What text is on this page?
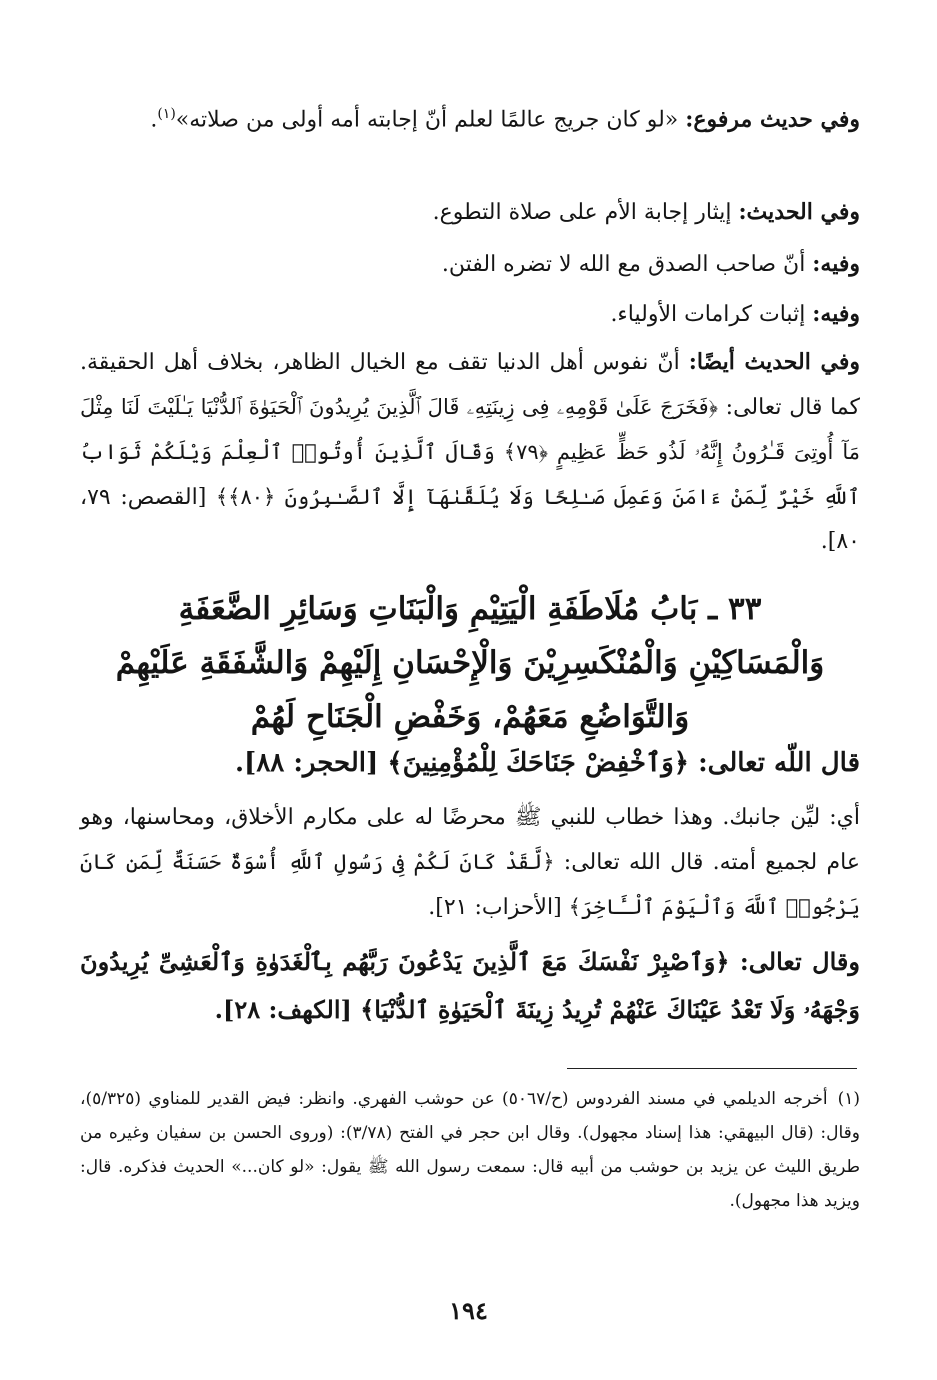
وفي حديث مرفوع: «لو كان جريج عالمًا لعلم أنّ إجابته أمه أولى من صلاته»$^{(١)}$.

وفي الحديث: إيثار إجابة الأم على صلاة التطوع.

وفيه: أنّ صاحب الصدق مع الله لا تضره الفتن.

وفيه: إثبات كرامات الأولياء.

وفي الحديث أيضًا: أنّ نفوس أهل الدنيا تقف مع الخيال الظاهر، بخلاف أهل الحقيقة. كما قال تعالى: ﴿فَخَرَجَ عَلَىٰ قَوْمِهِۦ فِى زِينَتِهِۦ قَالَ ٱلَّذِينَ يُرِيدُونَ ٱلْحَيَوٰةَ ٱلدُّنْيَا يَـٰلَيْتَ لَنَا مِثْلَ مَآ أُوتِىَ قَـٰرُونُ إِنَّهُۥ لَذُو حَظٍّ عَظِيمٍ ﴿٧٩﴾ وَقَالَ ٱلَّذِينَ أُوتُوا۟ ٱلْعِلْمَ وَيْلَكُمْ ثَوَابُ ٱللَّهِ خَيْرٌ لِّمَنْ ءَامَنَ وَعَمِلَ صَـٰلِحًا وَلَا يُلَقَّىٰهَآ إِلَّا ٱلصَّـٰبِرُونَ ﴿٨٠﴾﴾ [القصص: ٧٩، ٨٠].

٣٣ ـ بَابُ مُلَاطَفَةِ الْيَتِيْمِ وَالْبَنَاتِ وَسَائِرِ الضَّعَفَةِ
وَالْمَسَاكِيْنِ وَالْمُنْكَسِرِيْنَ وَالْإِحْسَانِ إِلَيْهِمْ وَالشَّفَقَةِ عَلَيْهِمْ
وَالتَّوَاضُعِ مَعَهُمْ، وَخَفْضِ الْجَنَاحِ لَهُمْ
قال اللّه تعالى: ﴿وَٱخْفِضْ جَنَاحَكَ لِلْمُؤْمِنِينَ﴾ [الحجر: ٨٨].

أي: ليِّن جانبك. وهذا خطاب للنبي ﷺ محرضًا له على مكارم الأخلاق، ومحاسنها، وهو عام لجميع أمته. قال الله تعالى: ﴿لَّقَدْ كَانَ لَكُمْ فِى رَسُولِ ٱللَّهِ أُسْوَةٌ حَسَنَةٌ لِّمَن كَانَ يَرْجُوا۟ ٱللَّهَ وَٱلْيَوْمَ ٱلْـَٔاخِرَ﴾ [الأحزاب: ٢١].

وقال تعالى: ﴿وَٱصْبِرْ نَفْسَكَ مَعَ ٱلَّذِينَ يَدْعُونَ رَبَّهُم بِٱلْغَدَوٰةِ وَٱلْعَشِىِّ يُرِيدُونَ وَجْهَهُۥ وَلَا تَعْدُ عَيْنَاكَ عَنْهُمْ تُرِيدُ زِينَةَ ٱلْحَيَوٰةِ ٱلدُّنْيَا﴾ [الكهف: ٢٨].

(١)أخرجه الديلمي في مسند الفردوس (ح/٥٠٦٧) عن حوشب الفهري. وانظر: فيض القدير للمناوي (٥/٣٢٥)، وقال: (قال البيهقي: هذا إسناد مجهول). وقال ابن حجر في الفتح (٣/٧٨): (وروى الحسن بن سفيان وغيره من طريق الليث عن يزيد بن حوشب من أبيه قال: سمعت رسول الله ﷺ يقول: «لو كان...» الحديث فذكره. قال: ويزيد هذا مجهول).
١٩٤
